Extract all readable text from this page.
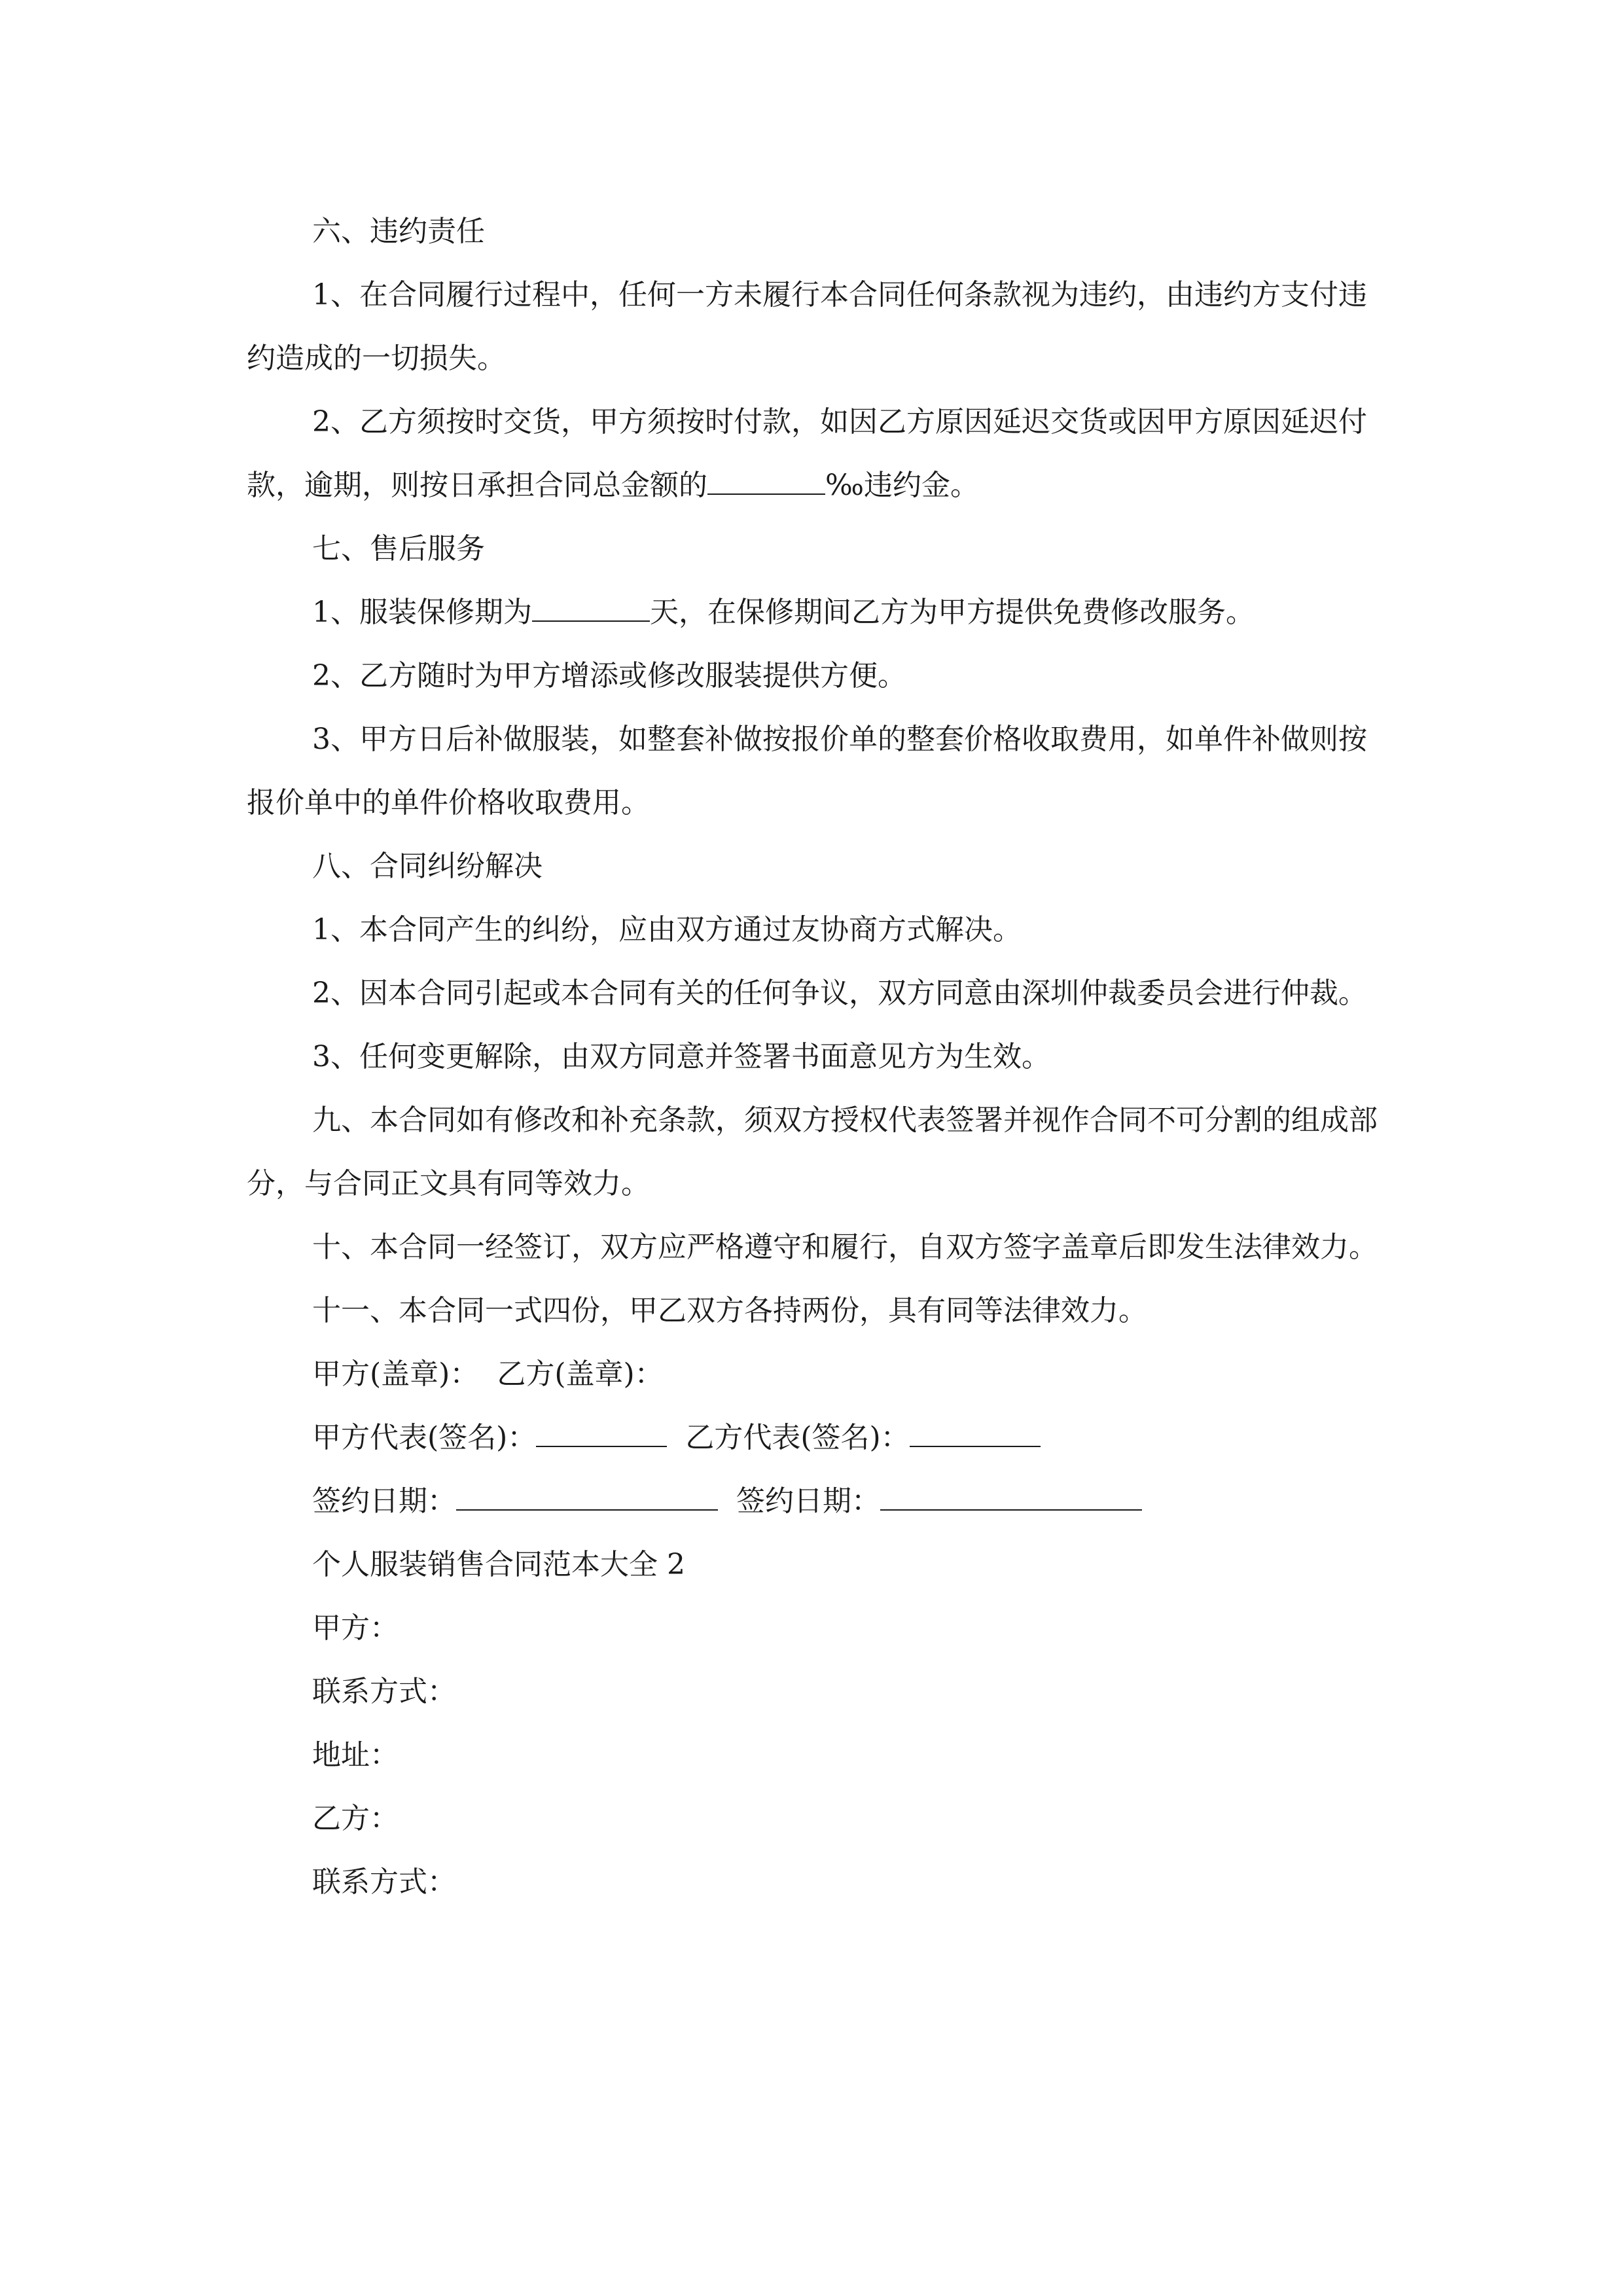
六、违约责任

1、在合同履行过程中，任何一方未履行本合同任何条款视为违约，由违约方支付违约造成的一切损失。

2、乙方须按时交货，甲方须按时付款，如因乙方原因延迟交货或因甲方原因延迟付款，逾期，则按日承担合同总金额的	‰违约金。

七、售后服务

1、服装保修期为	天，在保修期间乙方为甲方提供免费修改服务。

2、乙方随时为甲方增添或修改服装提供方便。

3、甲方日后补做服装，如整套补做按报价单的整套价格收取费用，如单件补做则按报价单中的单件价格收取费用。

八、合同纠纷解决

1、本合同产生的纠纷，应由双方通过友协商方式解决。

2、因本合同引起或本合同有关的任何争议，双方同意由深圳仲裁委员会进行仲裁。

3、任何变更解除，由双方同意并签署书面意见方为生效。

九、本合同如有修改和补充条款，须双方授权代表签署并视作合同不可分割的组成部分，与合同正文具有同等效力。

十、本合同一经签订，双方应严格遵守和履行，自双方签字盖章后即发生法律效力。

十一、本合同一式四份，甲乙双方各持两份，具有同等法律效力。

甲方(盖章)： 乙方(盖章)：

甲方代表(签名)：	乙方代表(签名)：

签约日期：	签约日期：

个人服装销售合同范本大全 2

甲方：

联系方式：

地址：

乙方：

联系方式：
